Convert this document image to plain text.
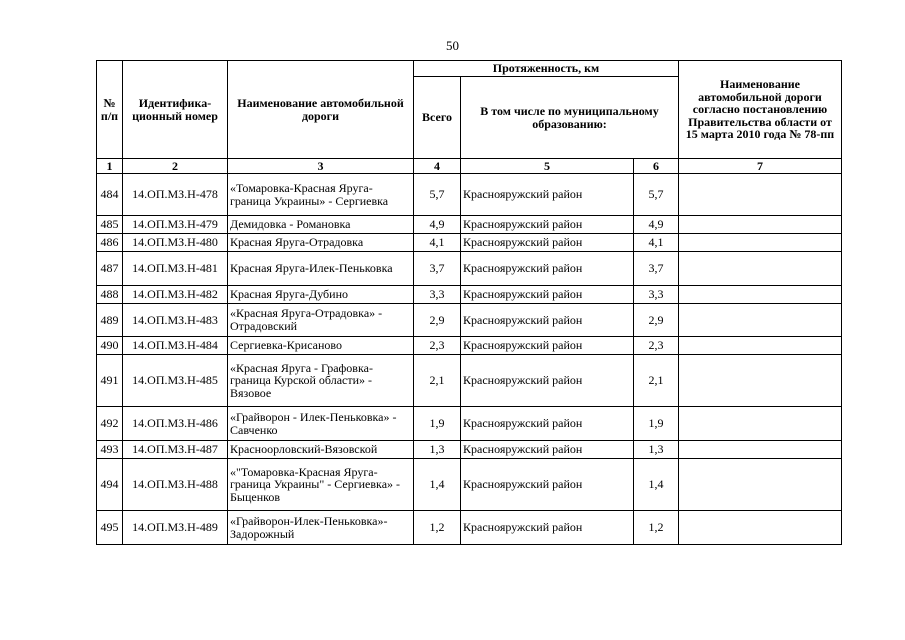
50
№ п/п	Идентифика-ционный номер	Наименование автомобильной дороги	Протяженность, км			Наименование автомобильной дороги согласно постановлению Правительства области от 15 марта 2010 года № 78-пп
			Всего	В том числе по муниципальному образованию:		
1	2	3	4	5	6	7
484	14.ОП.МЗ.Н-478	«Томаровка-Красная Яруга-граница Украины» - Сергиевка	5,7	Краснояружский район	5,7	
485	14.ОП.МЗ.Н-479	Демидовка - Романовка	4,9	Краснояружский район	4,9	
486	14.ОП.МЗ.Н-480	Красная Яруга-Отрадовка	4,1	Краснояружский район	4,1	
487	14.ОП.МЗ.Н-481	Красная Яруга-Илек-Пеньковка	3,7	Краснояружский район	3,7	
488	14.ОП.МЗ.Н-482	Красная Яруга-Дубино	3,3	Краснояружский район	3,3	
489	14.ОП.МЗ.Н-483	«Красная Яруга-Отрадовка» - Отрадовский	2,9	Краснояружский район	2,9	
490	14.ОП.МЗ.Н-484	Сергиевка-Крисаново	2,3	Краснояружский район	2,3	
491	14.ОП.МЗ.Н-485	«Красная Яруга - Графовка-граница Курской области» - Вязовое	2,1	Краснояружский район	2,1	
492	14.ОП.МЗ.Н-486	«Грайворон - Илек-Пеньковка» - Савченко	1,9	Краснояружский район	1,9	
493	14.ОП.МЗ.Н-487	Красноорловский-Вязовской	1,3	Краснояружский район	1,3	
494	14.ОП.МЗ.Н-488	«"Томаровка-Красная Яруга-граница Украины" - Сергиевка» - Быценков	1,4	Краснояружский район	1,4	
495	14.ОП.МЗ.Н-489	«Грайворон-Илек-Пеньковка»-Задорожный	1,2	Краснояружский район	1,2	
